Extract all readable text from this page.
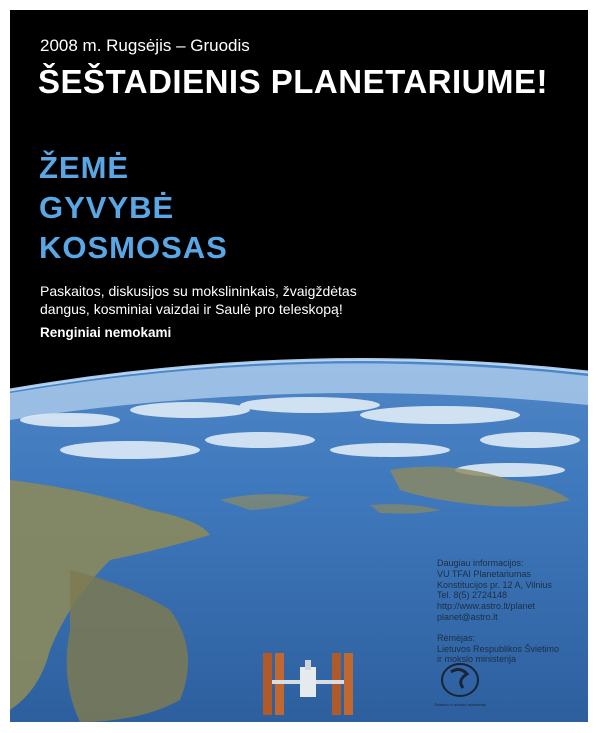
2008 m. Rugsėjis – Gruodis
ŠEŠTADIENIS PLANETARIUME!
ŽEMĖ
GYVYBĖ
KOSMOSAS
Paskaitos, diskusijos su mokslininkais, žvaigždėtas
dangus, kosminiai vaizdai ir Saulė pro teleskopą!
Renginiai nemokami
Daugiau informacijos:
VU TFAI Planetariumas
Konstitucijos pr. 12 A, Vilnius
Tel. 8(5) 2724148
http://www.astro.lt/planet
planet@astro.lt
Rėmėjas:
Lietuvos Respublikos Švietimo
ir mokslo ministerija
Švietimo ir mokslo ministerija
